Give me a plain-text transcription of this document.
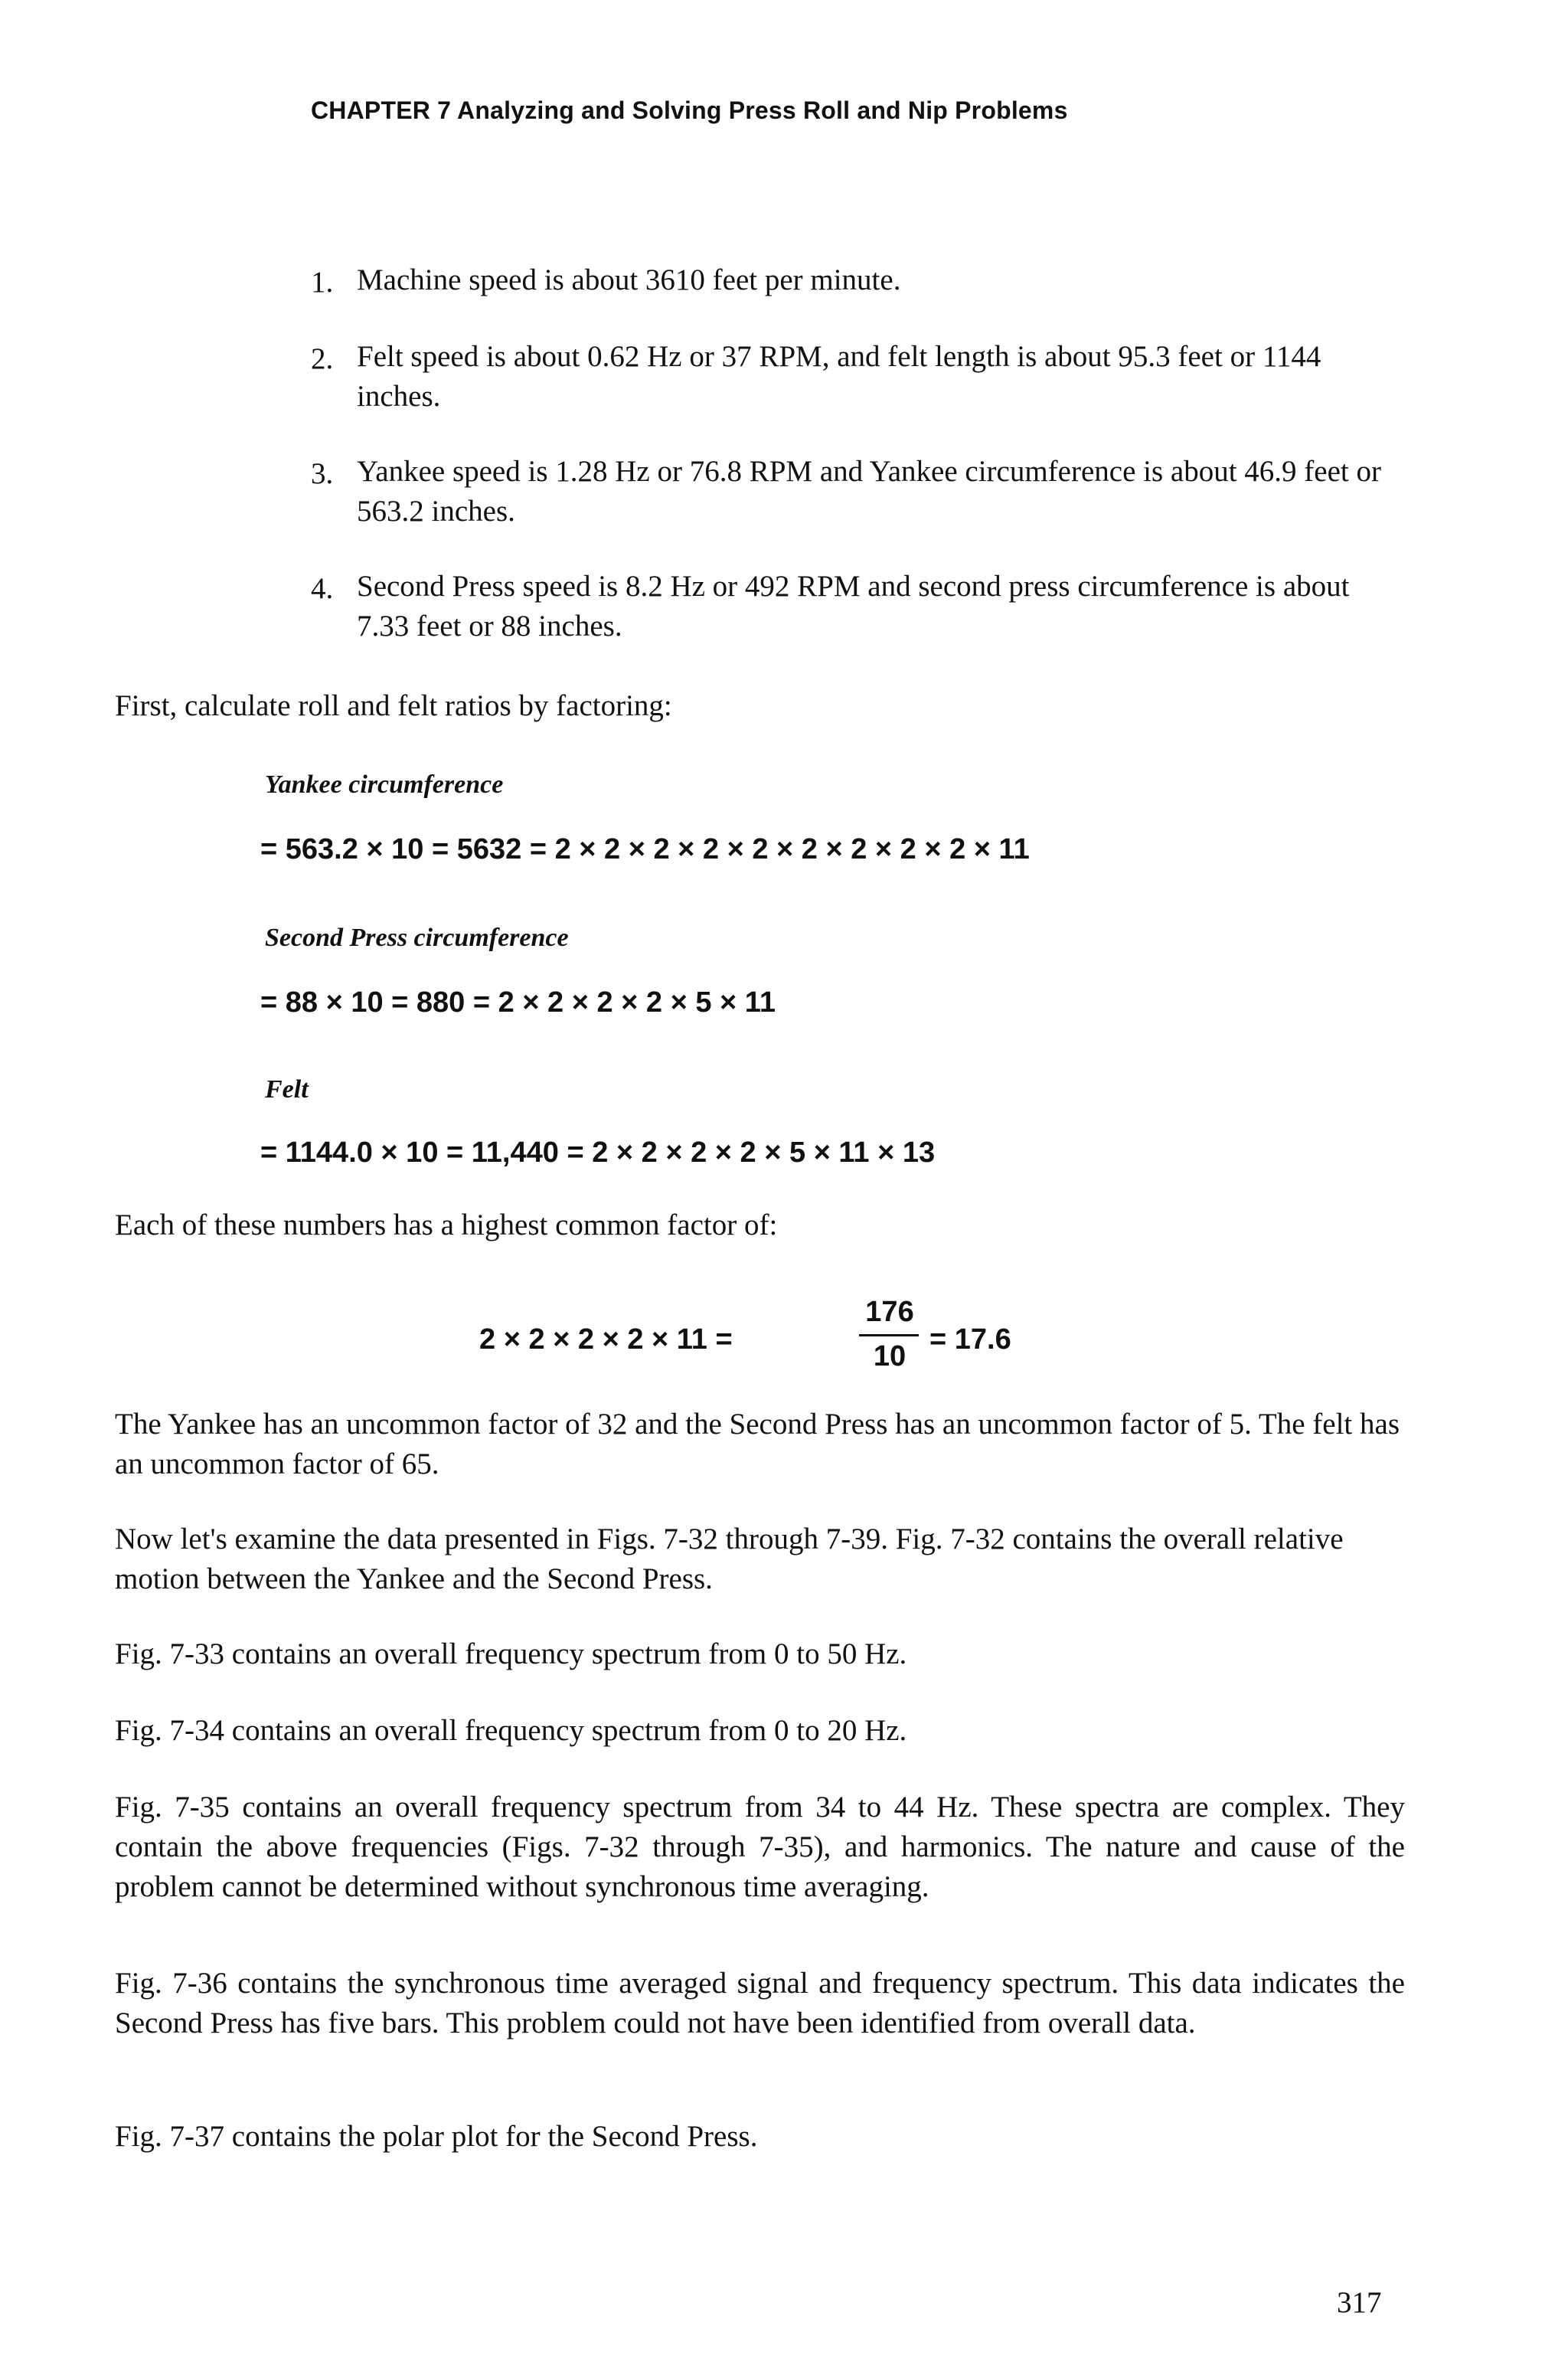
CHAPTER 7 Analyzing and Solving Press Roll and Nip Problems
1. Machine speed is about 3610 feet per minute.
2. Felt speed is about 0.62 Hz or 37 RPM, and felt length is about 95.3 feet or 1144 inches.
3. Yankee speed is 1.28 Hz or 76.8 RPM and Yankee circumference is about 46.9 feet or 563.2 inches.
4. Second Press speed is 8.2 Hz or 492 RPM and second press circumference is about 7.33 feet or 88 inches.
First, calculate roll and felt ratios by factoring:
Yankee circumference
= 563.2 × 10 = 5632 = 2 × 2 × 2 × 2 × 2 × 2 × 2 × 2 × 2 × 11
Second Press circumference
= 88 × 10 = 880 = 2 × 2 × 2 × 2 × 5 × 11
Felt
= 1144.0 × 10 = 11,440 = 2 × 2 × 2 × 2 × 5 × 11 × 13
Each of these numbers has a highest common factor of:
2 × 2 × 2 × 2 × 11 =
176
10
= 17.6
The Yankee has an uncommon factor of 32 and the Second Press has an uncommon factor of 5. The felt has an uncommon factor of 65.
Now let's examine the data presented in Figs. 7-32 through 7-39. Fig. 7-32 contains the overall relative motion between the Yankee and the Second Press.
Fig. 7-33 contains an overall frequency spectrum from 0 to 50 Hz.
Fig. 7-34 contains an overall frequency spectrum from 0 to 20 Hz.
Fig. 7-35 contains an overall frequency spectrum from 34 to 44 Hz. These spectra are complex. They contain the above frequencies (Figs. 7-32 through 7-35), and harmonics. The nature and cause of the problem cannot be determined without synchronous time averaging.
Fig. 7-36 contains the synchronous time averaged signal and frequency spectrum. This data indicates the Second Press has five bars. This problem could not have been identified from overall data.
Fig. 7-37 contains the polar plot for the Second Press.
317
